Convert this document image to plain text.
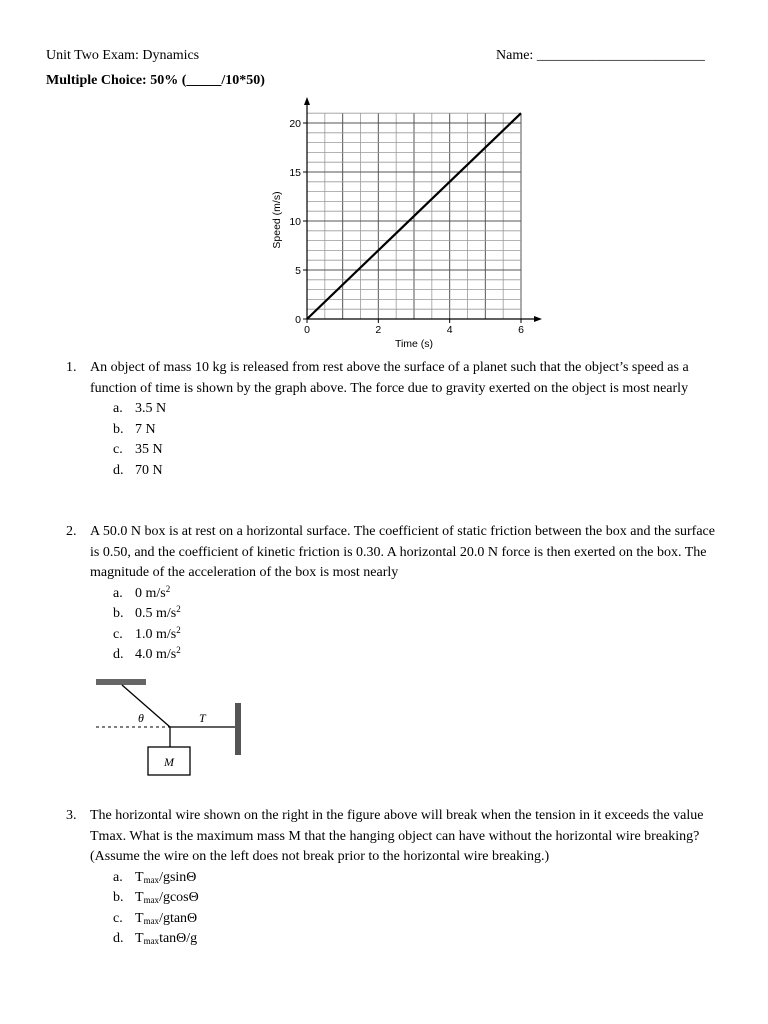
Unit Two Exam: Dynamics	Name: ________________________
Multiple Choice: 50% (_____/10*50)
0
5
10
15
20
0	2	4	6
Time (s)
Speed (m/s)
1. An object of mass 10 kg is released from rest above the surface of a planet such that the object’s speed as a function of time is shown by the graph above. The force due to gravity exerted on the object is most nearly
a. 3.5 N
b. 7 N
c. 35 N
d. 70 N
2. A 50.0 N box is at rest on a horizontal surface. The coefficient of static friction between the box and the surface is 0.50, and the coefficient of kinetic friction is 0.30. A horizontal 20.0 N force is then exerted on the box. The magnitude of the acceleration of the box is most nearly
a. 0 $m/s^2$
b. 0.5 $m/s^2$
c. 1.0 $m/s^2$
d. 4.0 $m/s^2$
θ	T
M
3. The horizontal wire shown on the right in the figure above will break when the tension in it exceeds the value Tmax. What is the maximum mass M that the hanging object can have without the horizontal wire breaking? (Assume the wire on the left does not break prior to the horizontal wire breaking.)
a. $T_{max}$/gsinΘ
b. $T_{max}$/gcosΘ
c. $T_{max}$/gtanΘ
d. $T_{max}\tan\Theta/g$
